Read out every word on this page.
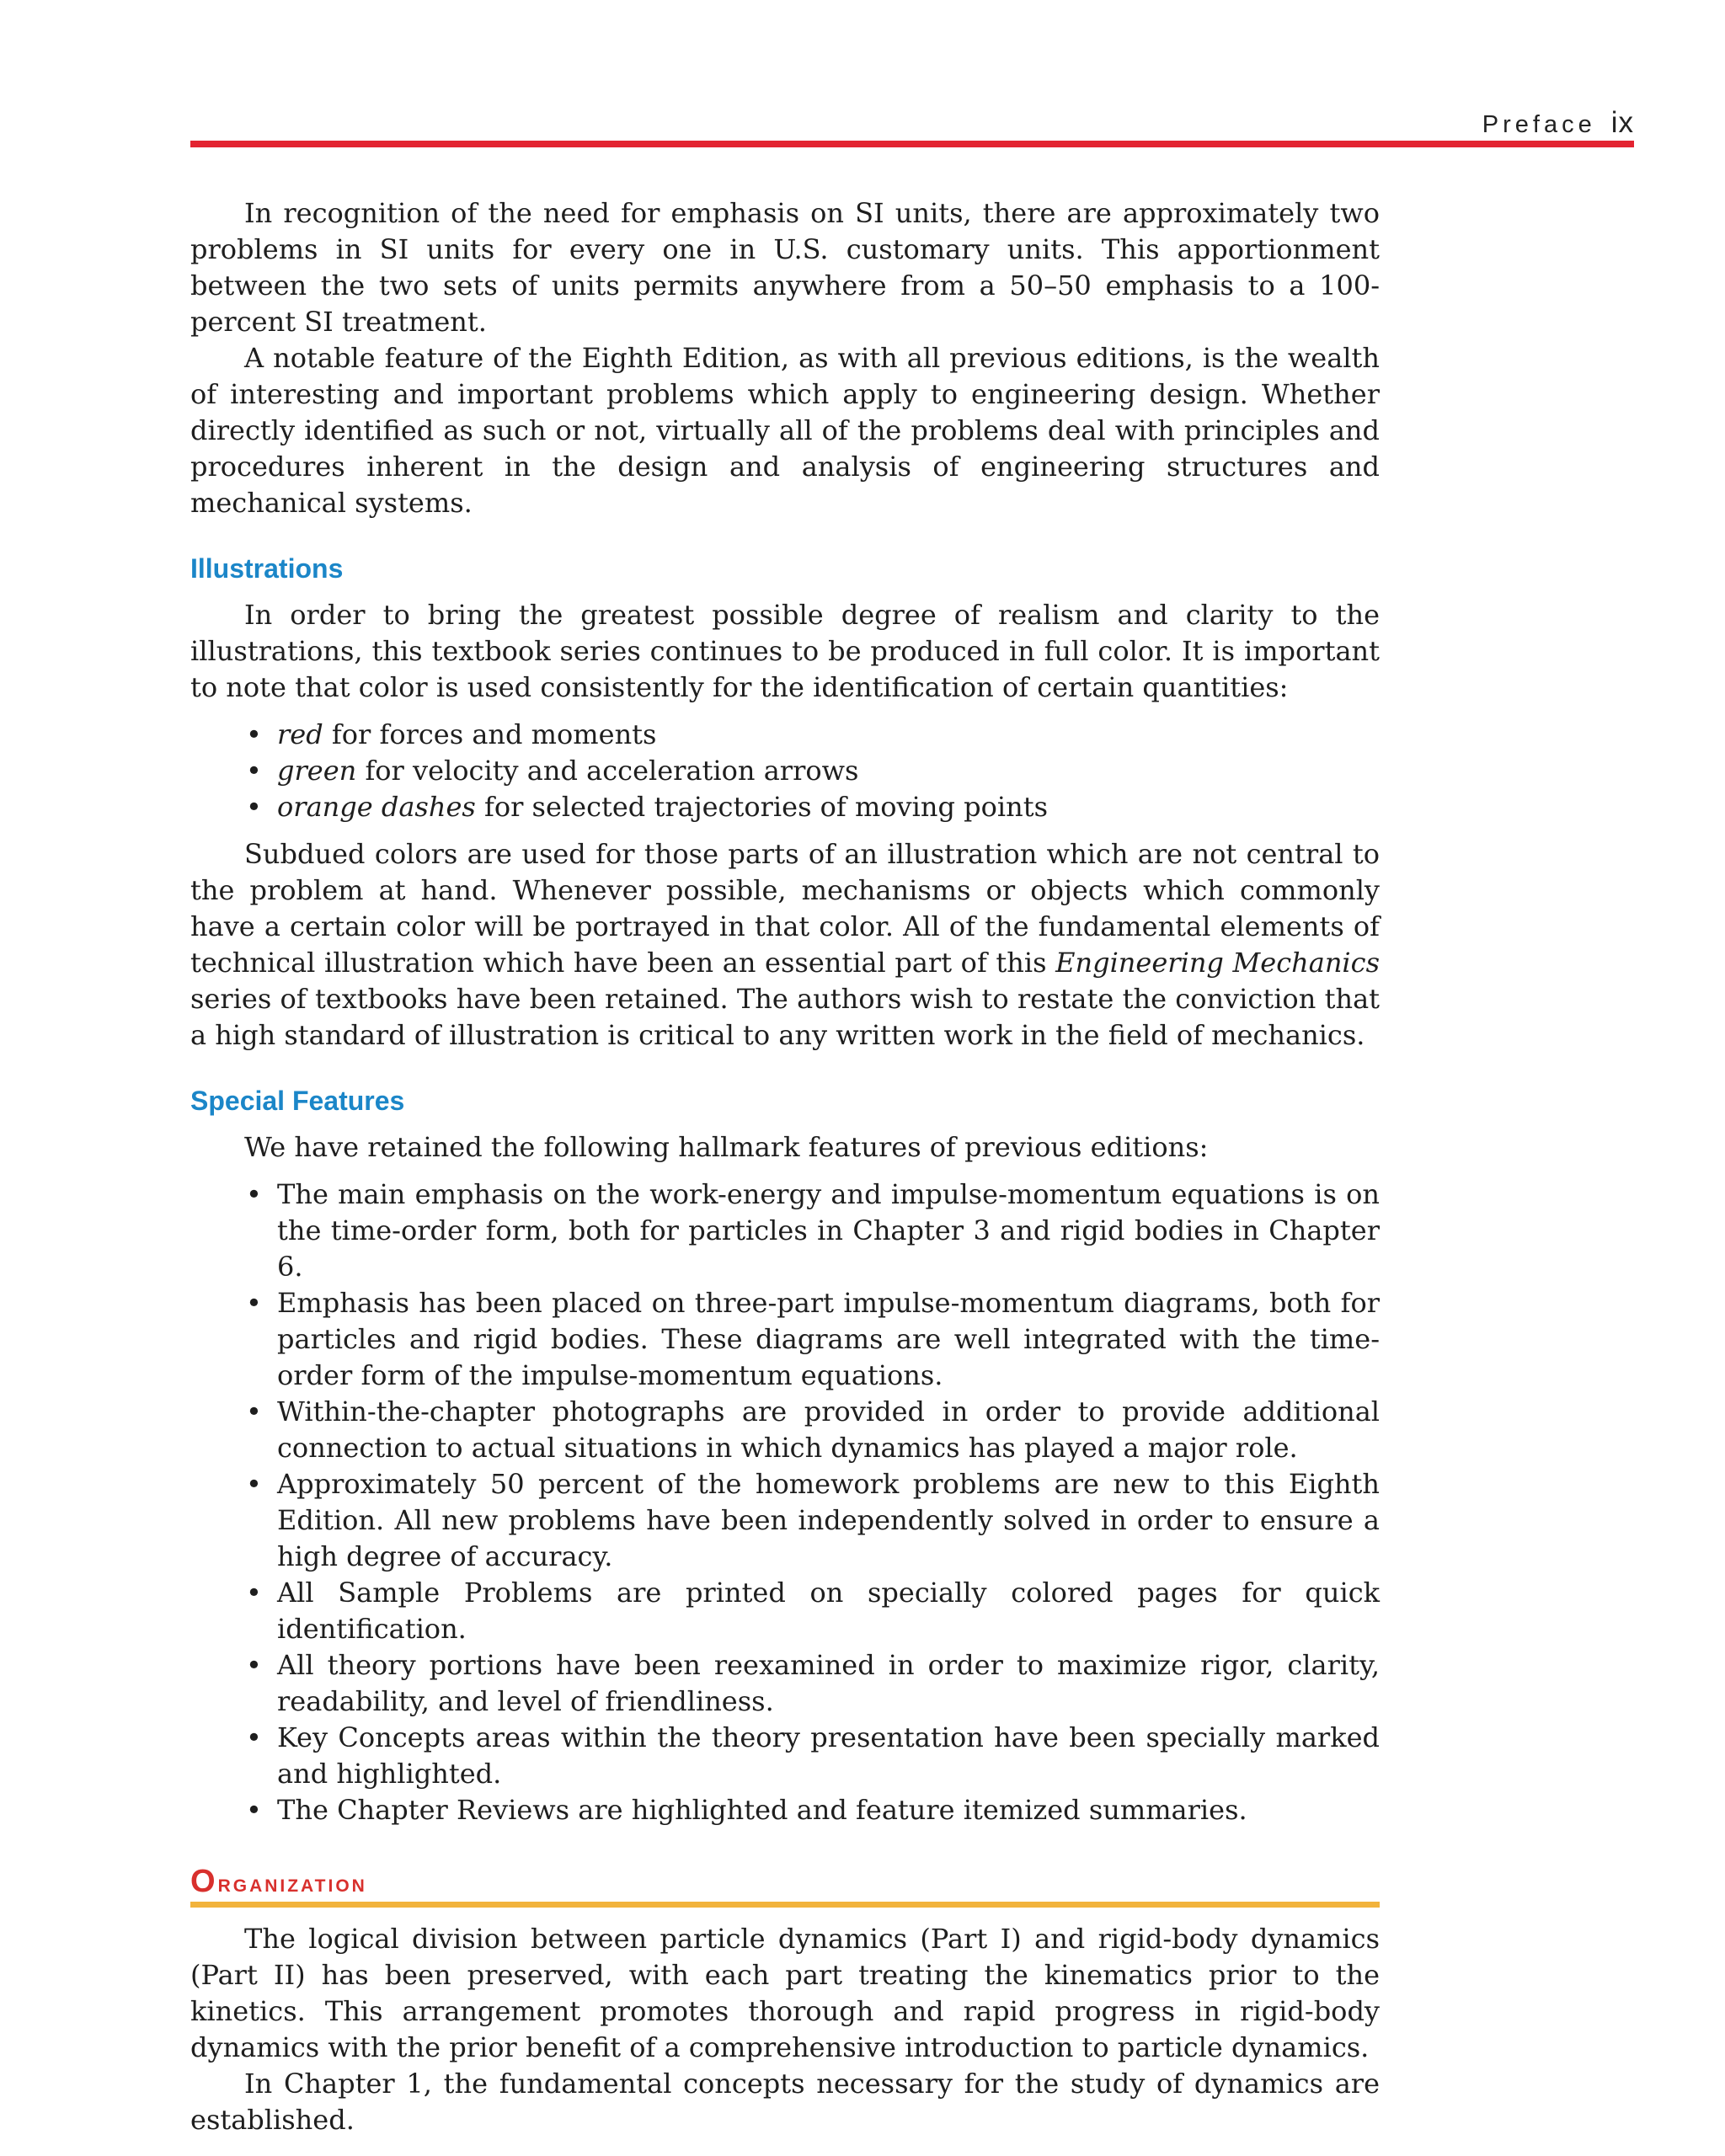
Preface ix

In recognition of the need for emphasis on SI units, there are approximately two problems in SI units for every one in U.S. customary units. This apportionment between the two sets of units permits anywhere from a 50–50 emphasis to a 100-percent SI treatment.

A notable feature of the Eighth Edition, as with all previous editions, is the wealth of interesting and important problems which apply to engineering design. Whether directly identified as such or not, virtually all of the problems deal with principles and procedures inherent in the design and analysis of engineering structures and mechanical systems.

Illustrations

In order to bring the greatest possible degree of realism and clarity to the illustrations, this textbook series continues to be produced in full color. It is important to note that color is used consistently for the identification of certain quantities:

• red for forces and moments
• green for velocity and acceleration arrows
• orange dashes for selected trajectories of moving points

Subdued colors are used for those parts of an illustration which are not central to the problem at hand. Whenever possible, mechanisms or objects which commonly have a certain color will be portrayed in that color. All of the fundamental elements of technical illustration which have been an essential part of this Engineering Mechanics series of textbooks have been retained. The authors wish to restate the conviction that a high standard of illustration is critical to any written work in the field of mechanics.

Special Features

We have retained the following hallmark features of previous editions:

• The main emphasis on the work-energy and impulse-momentum equations is on the time-order form, both for particles in Chapter 3 and rigid bodies in Chapter 6.
• Emphasis has been placed on three-part impulse-momentum diagrams, both for particles and rigid bodies. These diagrams are well integrated with the time-order form of the impulse-momentum equations.
• Within-the-chapter photographs are provided in order to provide additional connection to actual situations in which dynamics has played a major role.
• Approximately 50 percent of the homework problems are new to this Eighth Edition. All new problems have been independently solved in order to ensure a high degree of accuracy.
• All Sample Problems are printed on specially colored pages for quick identification.
• All theory portions have been reexamined in order to maximize rigor, clarity, readability, and level of friendliness.
• Key Concepts areas within the theory presentation have been specially marked and highlighted.
• The Chapter Reviews are highlighted and feature itemized summaries.
Organization

The logical division between particle dynamics (Part I) and rigid-body dynamics (Part II) has been preserved, with each part treating the kinematics prior to the kinetics. This arrangement promotes thorough and rapid progress in rigid-body dynamics with the prior benefit of a comprehensive introduction to particle dynamics.

In Chapter 1, the fundamental concepts necessary for the study of dynamics are established.
